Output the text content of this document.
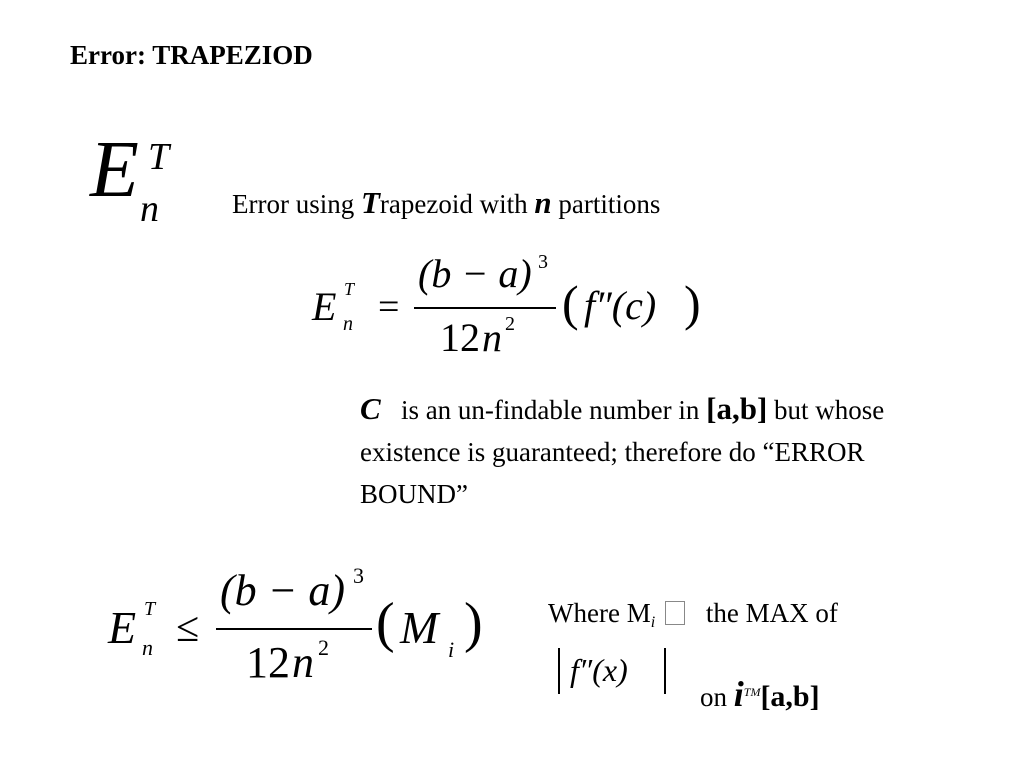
Error: TRAPEZIOD
E T
n	Error using Trapezoid with n partitions
E T
n =
(b − a) 3
12 n 2 ( f″(c) )
C   is an un-findable number in [a,b] but whose existence is guaranteed; therefore do “ERROR BOUND”
E T
n ≤
(b − a) 3
12 n 2 ( M i ) Where Mi the MAX of
f″(x)
on i™[a,b]
